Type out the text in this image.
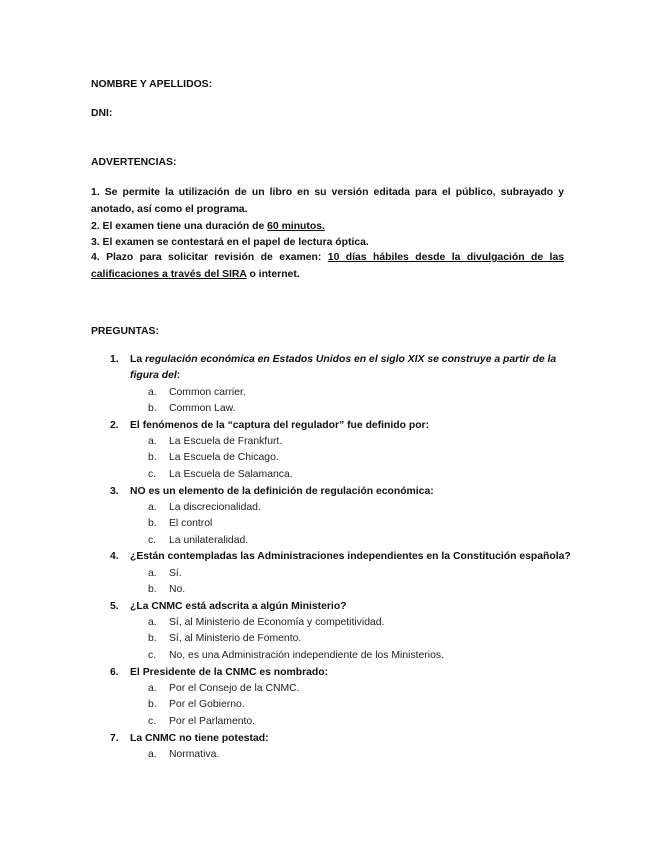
NOMBRE Y APELLIDOS:
DNI:
ADVERTENCIAS:
1. Se permite la utilización de un libro en su versión editada para el público, subrayado y
anotado, así como el programa.
2. El examen tiene una duración de 60 minutos.
3. El examen se contestará en el papel de lectura óptica.
4. Plazo para solicitar revisión de examen: 10 días hábiles desde la divulgación de las
calificaciones a través del SIRA o internet.
PREGUNTAS:
1. La regulación económica en Estados Unidos en el siglo XIX se construye a partir de la
figura del:
a. Common carrier.
b. Common Law.
2. El fenómenos de la “captura del regulador” fue definido por:
a. La Escuela de Frankfurt.
b. La Escuela de Chicago.
c. La Escuela de Salamanca.
3. NO es un elemento de la definición de regulación económica:
a. La discrecionalidad.
b. El control
c. La unilateralidad.
4. ¿Están contempladas las Administraciones independientes en la Constitución española?
a. Sí.
b. No.
5. ¿La CNMC está adscrita a algún Ministerio?
a. Sí, al Ministerio de Economía y competitividad.
b. Sí, al Ministerio de Fomento.
c. No, es una Administración independiente de los Ministerios.
6. El Presidente de la CNMC es nombrado:
a. Por el Consejo de la CNMC.
b. Por el Gobierno.
c. Por el Parlamento.
7. La CNMC no tiene potestad:
a. Normativa.
